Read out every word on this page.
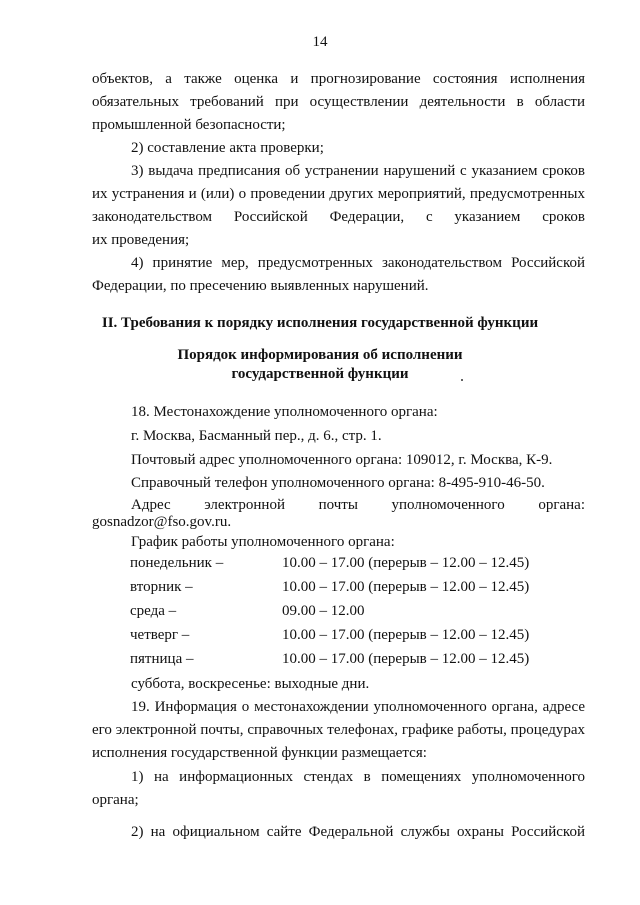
14
объектов, а также оценка и прогнозирование состояния исполнения
обязательных требований при осуществлении деятельности в области
промышленной безопасности;
2) составление акта проверки;
3) выдача предписания об устранении нарушений с указанием сроков
их устранения и (или) о проведении других мероприятий, предусмотренных
законодательством Российской Федерации, с указанием сроков
их проведения;
4) принятие мер, предусмотренных законодательством Российской
Федерации, по пресечению выявленных нарушений.
II. Требования к порядку исполнения государственной функции
Порядок информирования об исполнении
государственной функции
18. Местонахождение уполномоченного органа:
г. Москва, Басманный пер., д. 6., стр. 1.
Почтовый адрес уполномоченного органа: 109012, г. Москва, К-9.
Справочный телефон уполномоченного органа: 8-495-910-46-50.
Адрес электронной почты уполномоченного органа:
gosnadzor@fso.gov.ru.
График работы уполномоченного органа:
понедельник –	10.00 – 17.00 (перерыв – 12.00 – 12.45)
вторник –	10.00 – 17.00 (перерыв – 12.00 – 12.45)
среда –	09.00 – 12.00
четверг –	10.00 – 17.00 (перерыв – 12.00 – 12.45)
пятница –	10.00 – 17.00 (перерыв – 12.00 – 12.45)
суббота, воскресенье: выходные дни.
19. Информация о местонахождении уполномоченного органа, адресе
его электронной почты, справочных телефонах, графике работы, процедурах
исполнения государственной функции размещается:
1) на информационных стендах в помещениях уполномоченного
органа;
2) на официальном сайте Федеральной службы охраны Российской
